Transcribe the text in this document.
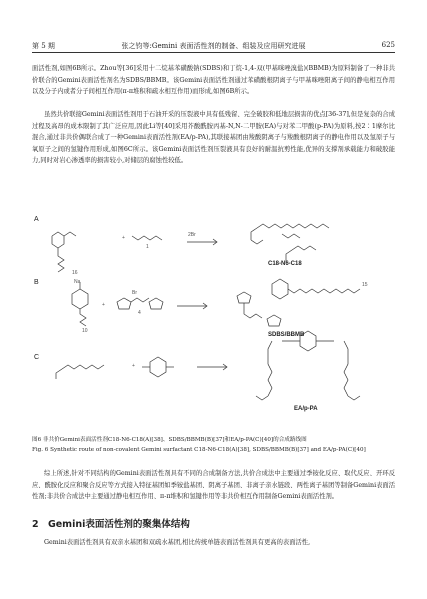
第 5 期	张之钧等:Gemini 表面活性剂的制备、组装及应用研究进展	625

面活性剂,如图6B所示。Zhou等[36]采用十二烷基苯磺酸钠(SDBS)和丁烷-1,4-双(甲基咪唑溴盐)(BBMB)为原料制备了一种非共价联合的Gemini表面活性剂名为SDBS/BBMB。该Gemini表面活性剂通过苯磺酸根阴离子与甲基咪唑阳离子间的静电相互作用以及分子内或者分子间相互作用(π-π堆积和疏水相互作用)而形成,如图6B所示。

虽然共价联接Gemini表面活性剂用于石油开采的压裂液中具有低残留、完全破胶和低地层损害的优点[36-37],但是复杂的合成过程及高昂的成本限制了其广泛应用,因此Li等[40]采用芥酸酰胺丙基-N,N-二甲胺(EA)与对苯二甲酸(p-PA)为原料,按2∶1摩尔比混合,通过非共价偶联合成了一种Gemini表面活性剂(EA/p-PA),其联接基团由羧酸阴离子与羧酸根阴离子的静电作用以及氢原子与氧原子之间的氢键作用形成,如图6C所示。该Gemini表面活性剂压裂液具有良好的耐温抗剪性能,优异的支撑剂承载能力和破胶能力,同时对岩心渗透率的损害较小,对储层的腐蚀性较低。

+	2Br
Na
+
Br
10
16
15
+
1
4
A
B
C
C18-N6-C18
SDBS/BBMB
EA/p-PA

图6 非共价Gemini表面活性剂C18-N6-C18(A)[38]、SDBS/BBMB(B)[37]和EA/p-PA(C)[40]的合成路线图

Fig. 6 Synthetic route of non-covalent Gemini surfactant C18-N6-C18(A)[38], SDBS/BBMB(B)[37] and EA/p-PA(C)[40]

综上所述,针对不同结构的Gemini表面活性剂具有不同的合成制备方法,共价合成法中主要通过季铵化反应、取代反应、开环反应、酰胺化反应和聚合反应等方式接入特征基团如季铵盐基团、阴离子基团、非离子亲水链段、两性离子基团等制备Gemini表面活性剂;非共价合成法中主要通过静电相互作用、π-π堆积和氢键作用等非共价相互作用制备Gemini表面活性剂。

2 Gemini表面活性剂的聚集体结构

Gemini表面活性剂具有双亲水基团和双疏水基团,相比传统单链表面活性剂具有更高的表面活性,
